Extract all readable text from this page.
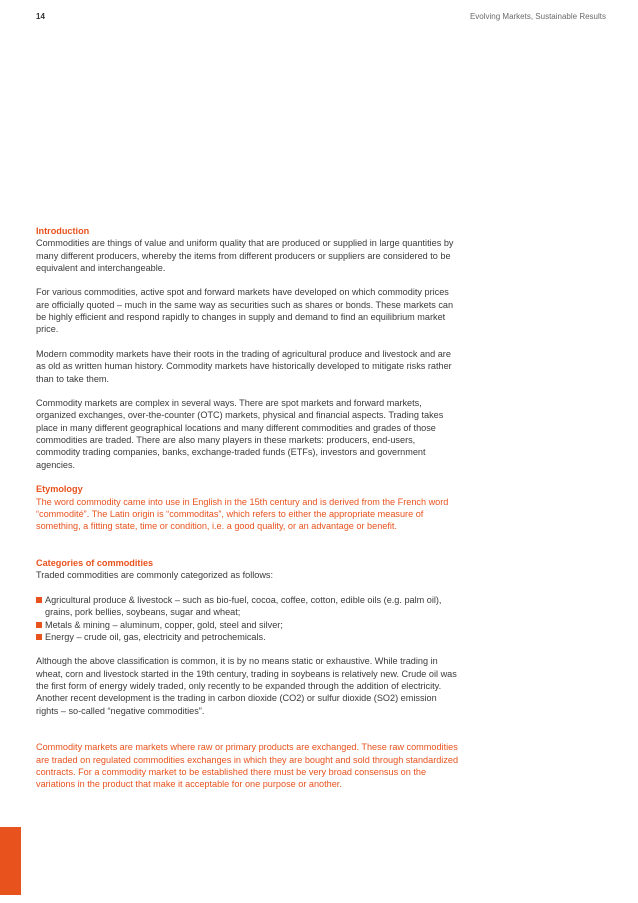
14	Evolving Markets, Sustainable Results

Introduction

Commodities are things of value and uniform quality that are produced or supplied in large quantities by many different producers, whereby the items from different producers or suppliers are considered to be equivalent and interchangeable.

For various commodities, active spot and forward markets have developed on which commodity prices are officially quoted – much in the same way as securities such as shares or bonds. These markets can be highly efficient and respond rapidly to changes in supply and demand to find an equilibrium market price.

Modern commodity markets have their roots in the trading of agricultural produce and livestock and are as old as written human history. Commodity markets have historically developed to mitigate risks rather than to take them.

Commodity markets are complex in several ways. There are spot markets and forward markets, organized exchanges, over-the-counter (OTC) markets, physical and financial aspects. Trading takes place in many different geographical locations and many different commodities and grades of those commodities are traded. There are also many players in these markets: producers, end-users, commodity trading companies, banks, exchange-traded funds (ETFs), investors and government agencies.

Etymology

The word commodity came into use in English in the 15th century and is derived from the French word “commodité”. The Latin origin is “commoditas”, which refers to either the appropriate measure of something, a fitting state, time or condition, i.e. a good quality, or an advantage or benefit.

Categories of commodities

Traded commodities are commonly categorized as follows:

Agricultural produce & livestock – such as bio-fuel, cocoa, coffee, cotton, edible oils (e.g. palm oil), grains, pork bellies, soybeans, sugar and wheat;
Metals & mining – aluminum, copper, gold, steel and silver;
Energy – crude oil, gas, electricity and petrochemicals.

Although the above classification is common, it is by no means static or exhaustive. While trading in wheat, corn and livestock started in the 19th century, trading in soybeans is relatively new. Crude oil was the first form of energy widely traded, only recently to be expanded through the addition of electricity. Another recent development is the trading in carbon dioxide (CO2) or sulfur dioxide (SO2) emission rights – so-called “negative commodities”.

Commodity markets are markets where raw or primary products are exchanged. These raw commodities are traded on regulated commodities exchanges in which they are bought and sold through standardized contracts. For a commodity market to be established there must be very broad consensus on the variations in the product that make it acceptable for one purpose or another.
